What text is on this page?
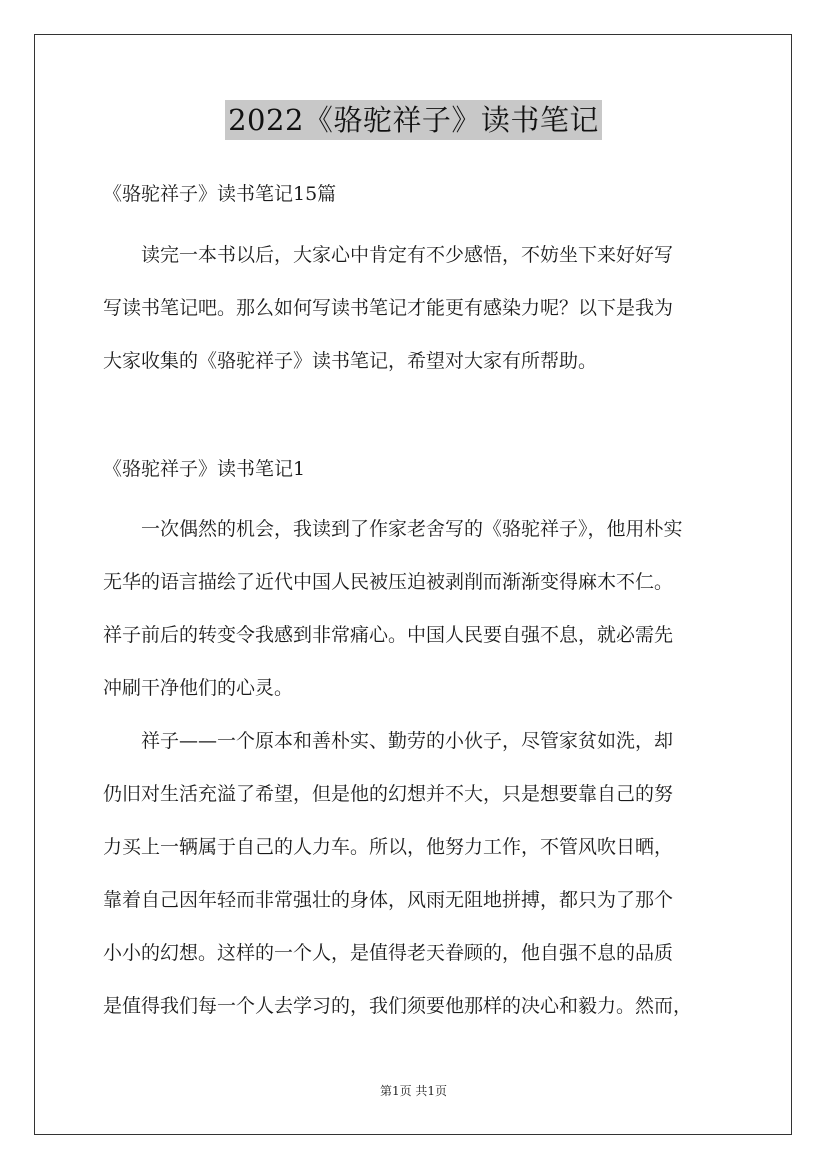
2022《骆驼祥子》读书笔记

《骆驼祥子》读书笔记15篇

读完一本书以后，大家心中肯定有不少感悟，不妨坐下来好好写
写读书笔记吧。那么如何写读书笔记才能更有感染力呢？以下是我为
大家收集的《骆驼祥子》读书笔记，希望对大家有所帮助。

《骆驼祥子》读书笔记1

一次偶然的机会，我读到了作家老舍写的《骆驼祥子》，他用朴实
无华的语言描绘了近代中国人民被压迫被剥削而渐渐变得麻木不仁。
祥子前后的转变令我感到非常痛心。中国人民要自强不息，就必需先
冲刷干净他们的心灵。
祥子——一个原本和善朴实、勤劳的小伙子，尽管家贫如洗，却
仍旧对生活充溢了希望，但是他的幻想并不大，只是想要靠自己的努
力买上一辆属于自己的人力车。所以，他努力工作，不管风吹日晒，
靠着自己因年轻而非常强壮的身体，风雨无阻地拼搏，都只为了那个
小小的幻想。这样的一个人，是值得老天眷顾的，他自强不息的品质
是值得我们每一个人去学习的，我们须要他那样的决心和毅力。然而，
第1页 共1页
